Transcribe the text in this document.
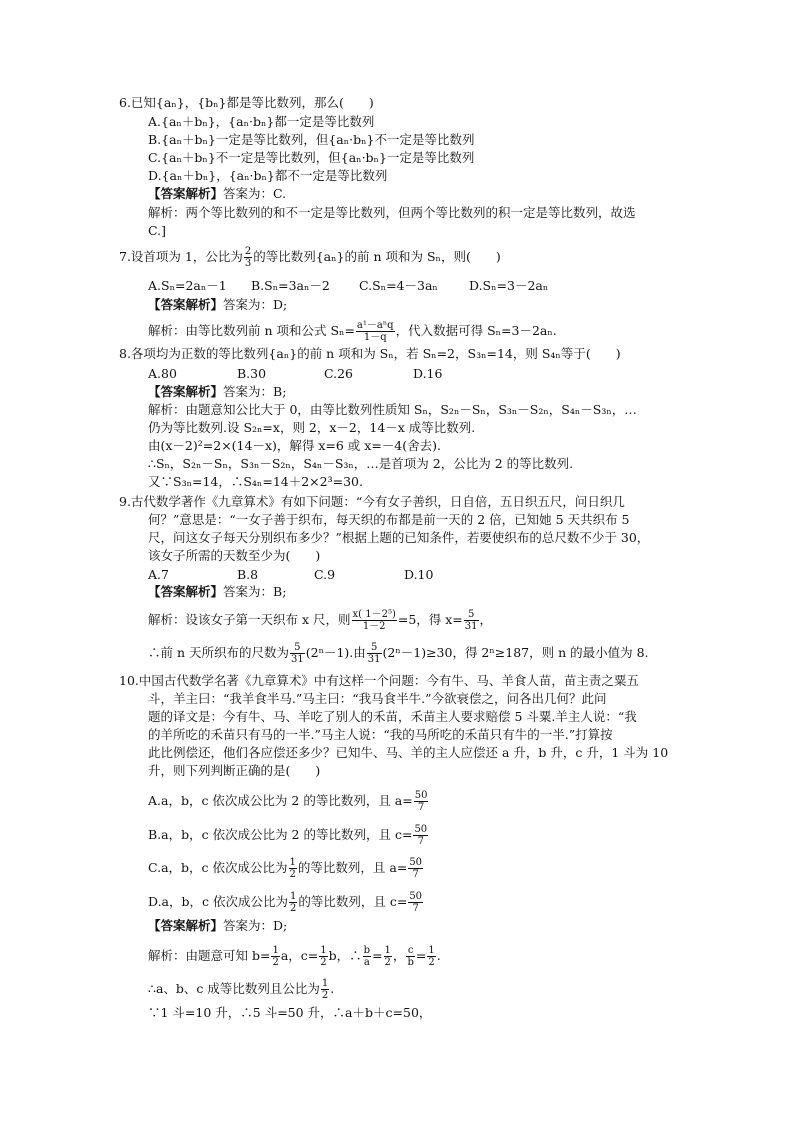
6.已知{aₙ}，{bₙ}都是等比数列，那么(　　)
A.{aₙ＋bₙ}，{aₙ·bₙ}都一定是等比数列
B.{aₙ＋bₙ}一定是等比数列，但{aₙ·bₙ}不一定是等比数列
C.{aₙ＋bₙ}不一定是等比数列，但{aₙ·bₙ}一定是等比数列
D.{aₙ＋bₙ}，{aₙ·bₙ}都不一定是等比数列
【答案解析】答案为：C.
解析：两个等比数列的和不一定是等比数列，但两个等比数列的积一定是等比数列，故选
C.]
7.设首项为 1，公比为 $\frac{2}{3}$ 的等比数列{aₙ}的前 n 项和为 Sₙ，则(　　)
A.Sₙ=2aₙ－1 B.Sₙ=3aₙ－2 C.Sₙ=4－3aₙ D.Sₙ=3－2aₙ
【答案解析】答案为：D;
解析：由等比数列前 n 项和公式 $S_n= \frac{\text{a¹－aⁿq}}{1-q}$ ，代入数据可得 Sₙ=3－2aₙ.
8.各项均为正数的等比数列{aₙ}的前 n 项和为 Sₙ，若 Sₙ=2，S₃ₙ=14，则 S₄ₙ等于(　　)
A.80	B.30	C.26	D.16
【答案解析】答案为：B;
解析：由题意知公比大于 0，由等比数列性质知 Sₙ，S₂ₙ－Sₙ，S₃ₙ－S₂ₙ，S₄ₙ－S₃ₙ，…
仍为等比数列.设 S₂ₙ=x，则 2，x－2，14－x 成等比数列.
由(x－2)²=2×(14－x)，解得 x=6 或 x=－4(舍去).
∴Sₙ，S₂ₙ－Sₙ，S₃ₙ－S₂ₙ，S₄ₙ－S₃ₙ，…是首项为 2，公比为 2 的等比数列.
又∵S₃ₙ=14，∴S₄ₙ=14＋2×2³=30.
9.古代数学著作《九章算术》有如下问题：“今有女子善织，日自倍，五日织五尺，问日织几
何？”意思是：“一女子善于织布，每天织的布都是前一天的 2 倍，已知她 5 天共织布 5
尺，问这女子每天分别织布多少？”根据上题的已知条件，若要使织布的总尺数不少于 30，
该女子所需的天数至少为(　　)
A.7	B.8	C.9	D.10
【答案解析】答案为：B;
解析：设该女子第一天织布 x 尺，则 $\frac{\text{x( 1－2⁵)}}{1-2} =5$，得 $x= \frac{5}{31}$ ，
∴前 n 天所织布的尺数为 $\frac{5}{31} (2^n-1)$.由 $\frac{5}{31} (2^n-1)\ge 30$，得 2ⁿ≥187，则 n 的最小值为 8.
10.中国古代数学名著《九章算术》中有这样一个问题：今有牛、马、羊食人苗，苗主责之粟五
斗，羊主曰：“我羊食半马.”马主曰：“我马食半牛.”今欲衰偿之，问各出几何？此问
题的译文是：今有牛、马、羊吃了别人的禾苗，禾苗主人要求赔偿 5 斗粟.羊主人说：“我
的羊所吃的禾苗只有马的一半.”马主人说：“我的马所吃的禾苗只有牛的一半.”打算按
此比例偿还，他们各应偿还多少？已知牛、马、羊的主人应偿还 a 升，b 升，c 升，1 斗为 10
升，则下列判断正确的是(　　)
A.a，b，c 依次成公比为 2 的等比数列，且 $a= \frac{50}{7}$
B.a，b，c 依次成公比为 2 的等比数列，且 $c= \frac{50}{7}$
C.a，b，c 依次成公比为 $\frac{1}{2}$ 的等比数列，且 $a= \frac{50}{7}$
D.a，b，c 依次成公比为 $\frac{1}{2}$ 的等比数列，且 $c= \frac{50}{7}$
【答案解析】答案为：D;
解析：由题意可知 $b= \frac{1}{2}$ a，$c= \frac{1}{2}$ b，∴ $\frac{b}{a} = \frac{1}{2}$ ， $\frac{c}{b} = \frac{1}{2}$ .
∴a、b、c 成等比数列且公比为 $\frac{1}{2}$ .
∵1 斗=10 升，∴5 斗=50 升，∴a＋b＋c=50，
